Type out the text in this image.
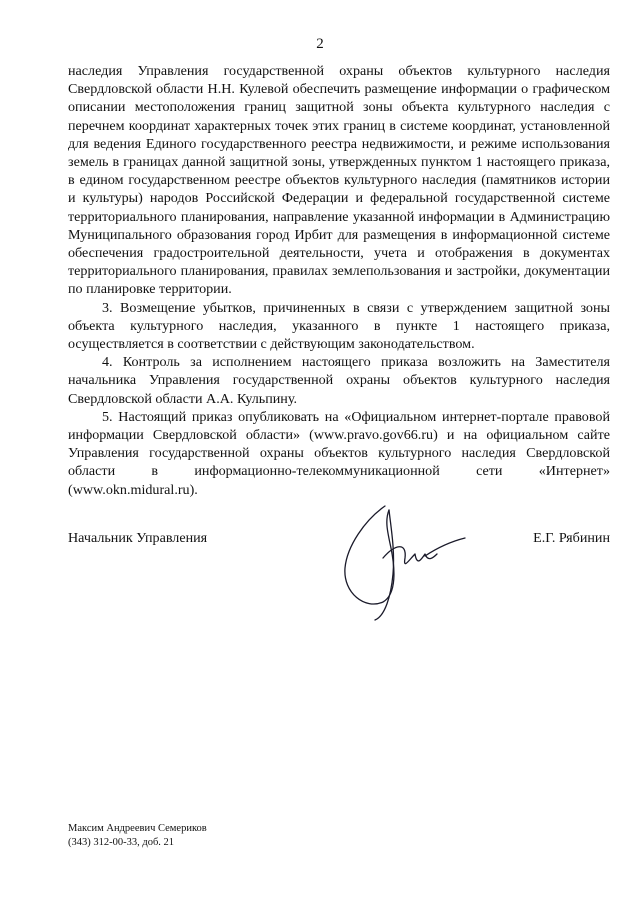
2

наследия Управления государственной охраны объектов культурного наследия Свердловской области Н.Н. Кулевой обеспечить размещение информации о графическом описании местоположения границ защитной зоны объекта культурного наследия с перечнем координат характерных точек этих границ в системе координат, установленной для ведения Единого государственного реестра недвижимости, и режиме использования земель в границах данной защитной зоны, утвержденных пунктом 1 настоящего приказа, в едином государственном реестре объектов культурного наследия (памятников истории и культуры) народов Российской Федерации и федеральной государственной системе территориального планирования, направление указанной информации в Администрацию Муниципального образования город Ирбит для размещения в информационной системе обеспечения градостроительной деятельности, учета и отображения в документах территориального планирования, правилах землепользования и застройки, документации по планировке территории.

3. Возмещение убытков, причиненных в связи с утверждением защитной зоны объекта культурного наследия, указанного в пункте 1 настоящего приказа, осуществляется в соответствии с действующим законодательством.

4. Контроль за исполнением настоящего приказа возложить на Заместителя начальника Управления государственной охраны объектов культурного наследия Свердловской области А.А. Кульпину.

5. Настоящий приказ опубликовать на «Официальном интернет-портале правовой информации Свердловской области» (www.pravo.gov66.ru) и на официальном сайте Управления государственной охраны объектов культурного наследия Свердловской области в информационно-телекоммуникационной сети «Интернет» (www.okn.midural.ru).

Начальник Управления	Е.Г. Рябинин
Максим Андреевич Семериков
(343) 312-00-33, доб. 21
